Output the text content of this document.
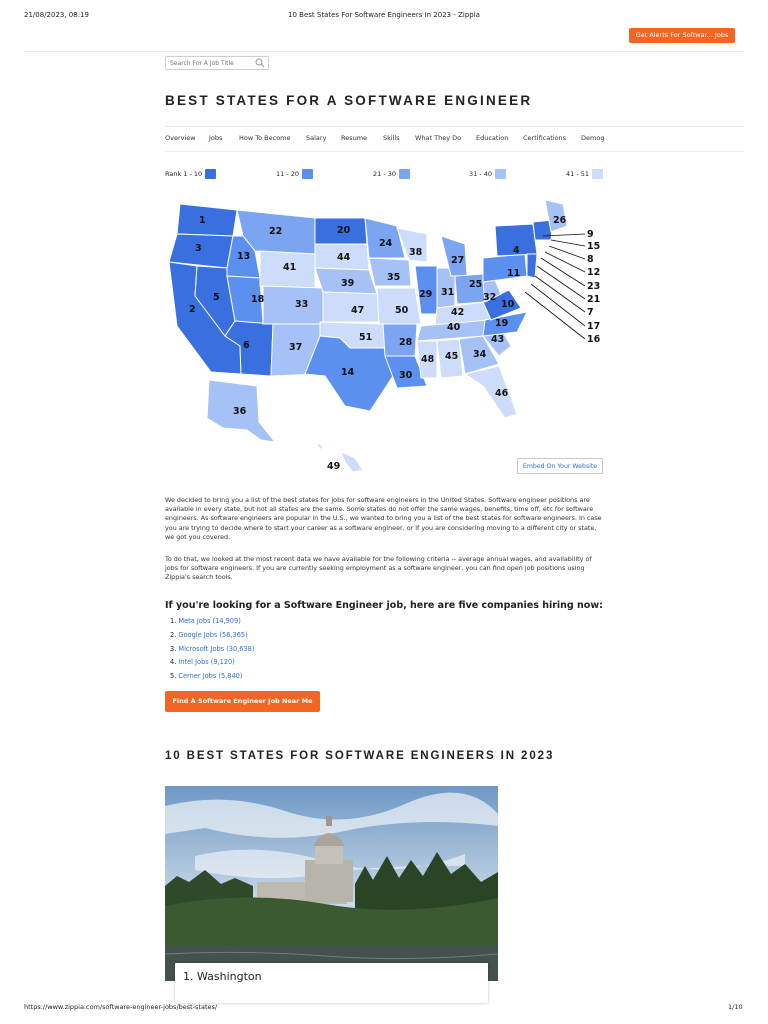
21/08/2023, 08:19	10 Best States For Software Engineers In 2023 - Zippia
Get Alerts For Softwar... Jobs
Search For A Job Title
BEST STATES FOR A SOFTWARE ENGINEER
Overview Jobs	How To Become Salary Resume Skills What They Do Education Certifications Demog
Rank 1 - 10	11 - 20	21 - 30	31 - 40	41 - 51
1
3
2
22
13
5	18
6
41
33
37
20
44
39
47
51
14
24
35
50
28
38
29
30
48
27
31
40
45
42
25
34
11
32
10
19
43
4
26
46
36
49
9
15
8
12
23
21
7
17
16
Embed On Your Website
We decided to bring you a list of the best states for jobs for software engineers in the United States. Software engineer positions are available in every state, but not all states are the same. Some states do not offer the same wages, benefits, time off, etc for software engineers. As software engineers are popular in the U.S., we wanted to bring you a list of the best states for software engineers. In case you are trying to decide where to start your career as a software engineer, or if you are considering moving to a different city or state, we got you covered.
To do that, we looked at the most recent data we have available for the following criteria -- average annual wages, and availability of jobs for software engineers. If you are currently seeking employment as a software engineer, you can find open job positions using Zippia's search tools.
If you're looking for a Software Engineer job, here are five companies hiring now:
1. Meta Jobs (14,909)
2. Google Jobs (56,365)
3. Microsoft Jobs (30,638)
4. Intel Jobs (9,120)
5. Cerner Jobs (5,840)
Find A Software Engineer Job Near Me
10 BEST STATES FOR SOFTWARE ENGINEERS IN 2023
1. Washington
https://www.zippia.com/software-engineer-jobs/best-states/	1/10
